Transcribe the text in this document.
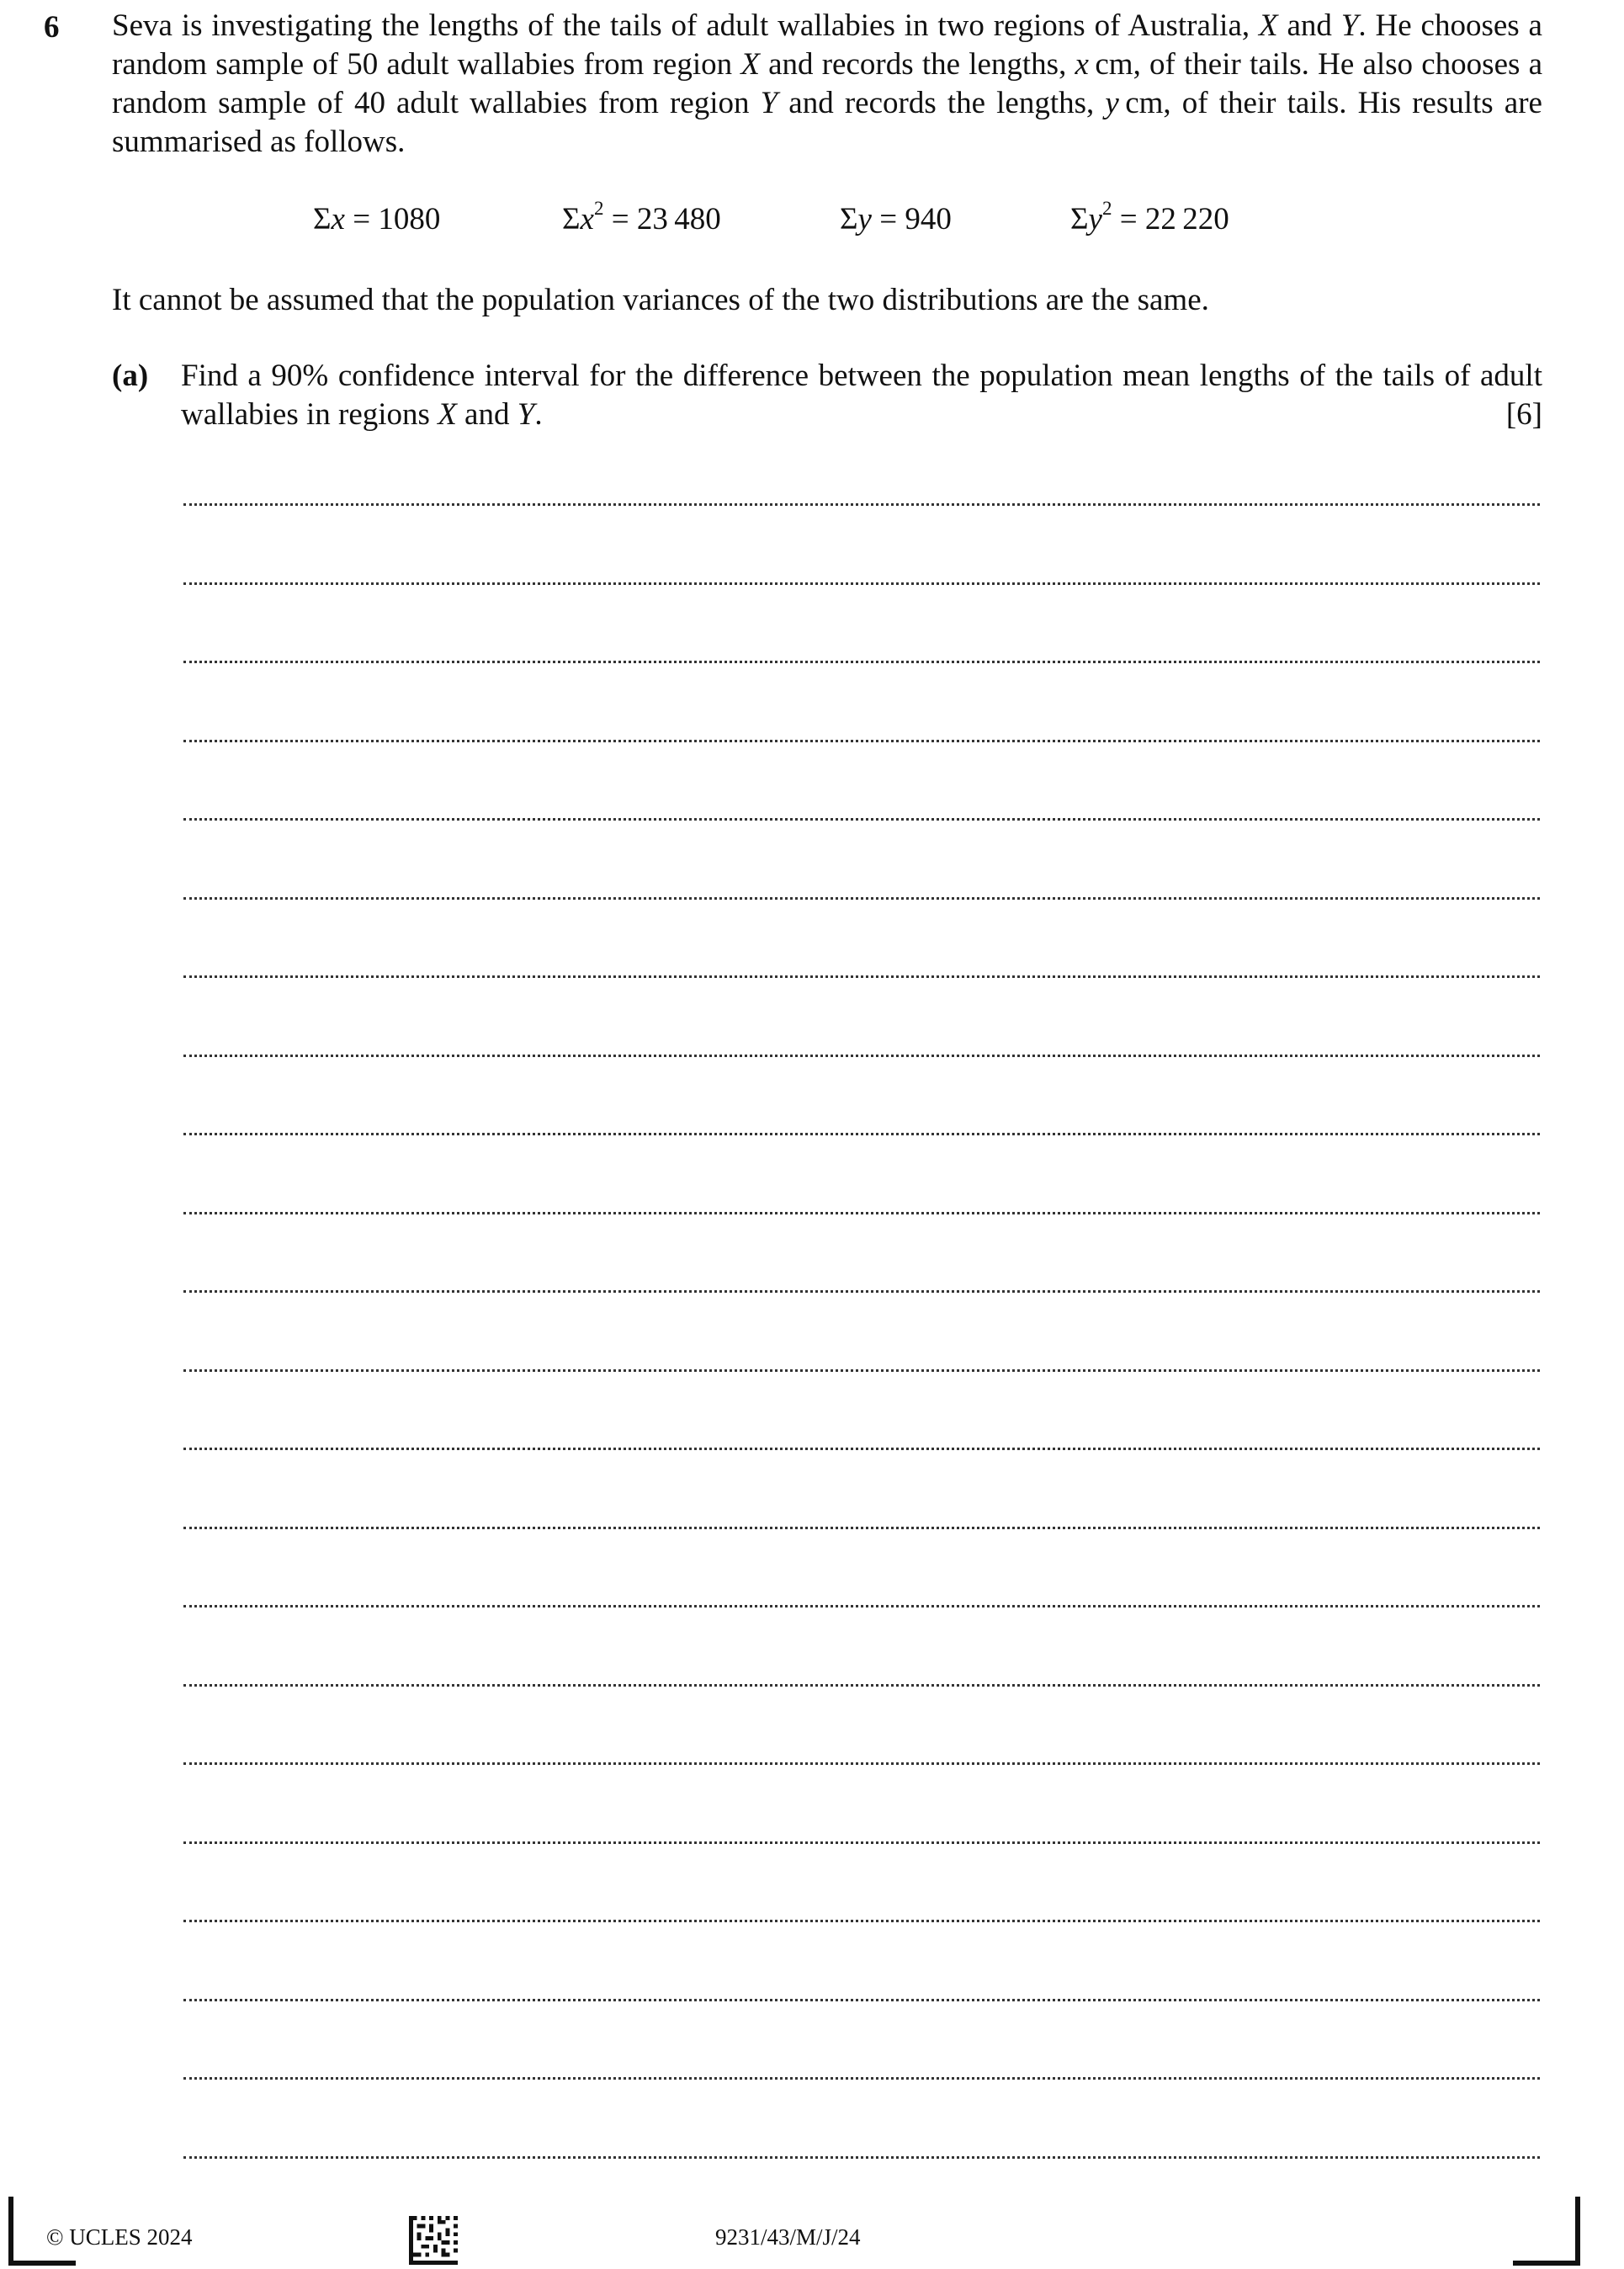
6 Seva is investigating the lengths of the tails of adult wallabies in two regions of Australia, X and Y. He chooses a random sample of 50 adult wallabies from region X and records the lengths, x cm, of their tails. He also chooses a random sample of 40 adult wallabies from region Y and records the lengths, y cm, of their tails. His results are summarised as follows.
Σx = 1080	$\Sigma x^2 = 23$ 480	Σy = 940	$\Sigma y^2 = 22$ 220
It cannot be assumed that the population variances of the two distributions are the same.
(a) Find a 90% confidence interval for the difference between the population mean lengths of the tails of adult wallabies in regions X and Y.	[6]
© UCLES 2024	9231/43/M/J/24
